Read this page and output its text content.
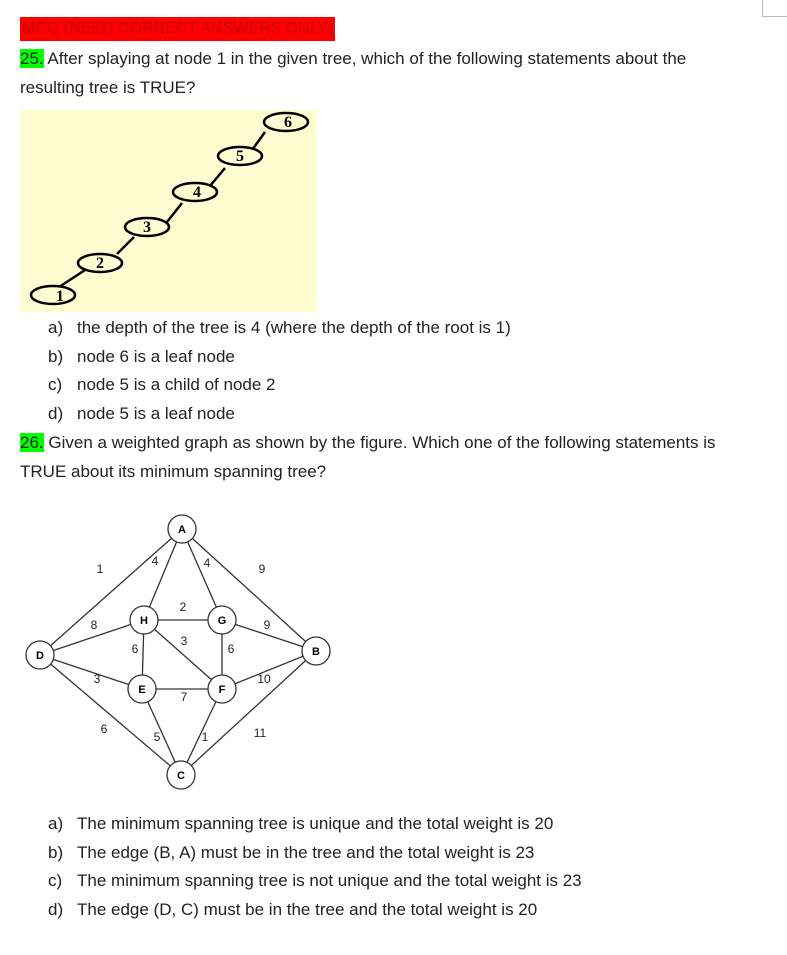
MCQ (NEED CORRECT ANSWERS ONLY)
25. After splaying at node 1 in the given tree, which of the following statements about the
resulting tree is TRUE?
1
2
3
4
5
6
a) the depth of the tree is 4 (where the depth of the root is 1)
b) node 6 is a leaf node
c) node 5 is a child of node 2
d) node 5 is a leaf node
26. Given a weighted graph as shown by the figure. Which one of the following statements is
TRUE about its minimum spanning tree?
1
4	4	9
8
2
9
6
3
6
3
7
10
6
5	1	11
A
B
C
D
E	F
G
H
a) The minimum spanning tree is unique and the total weight is 20
b) The edge (B, A) must be in the tree and the total weight is 23
c) The minimum spanning tree is not unique and the total weight is 23
d) The edge (D, C) must be in the tree and the total weight is 20
